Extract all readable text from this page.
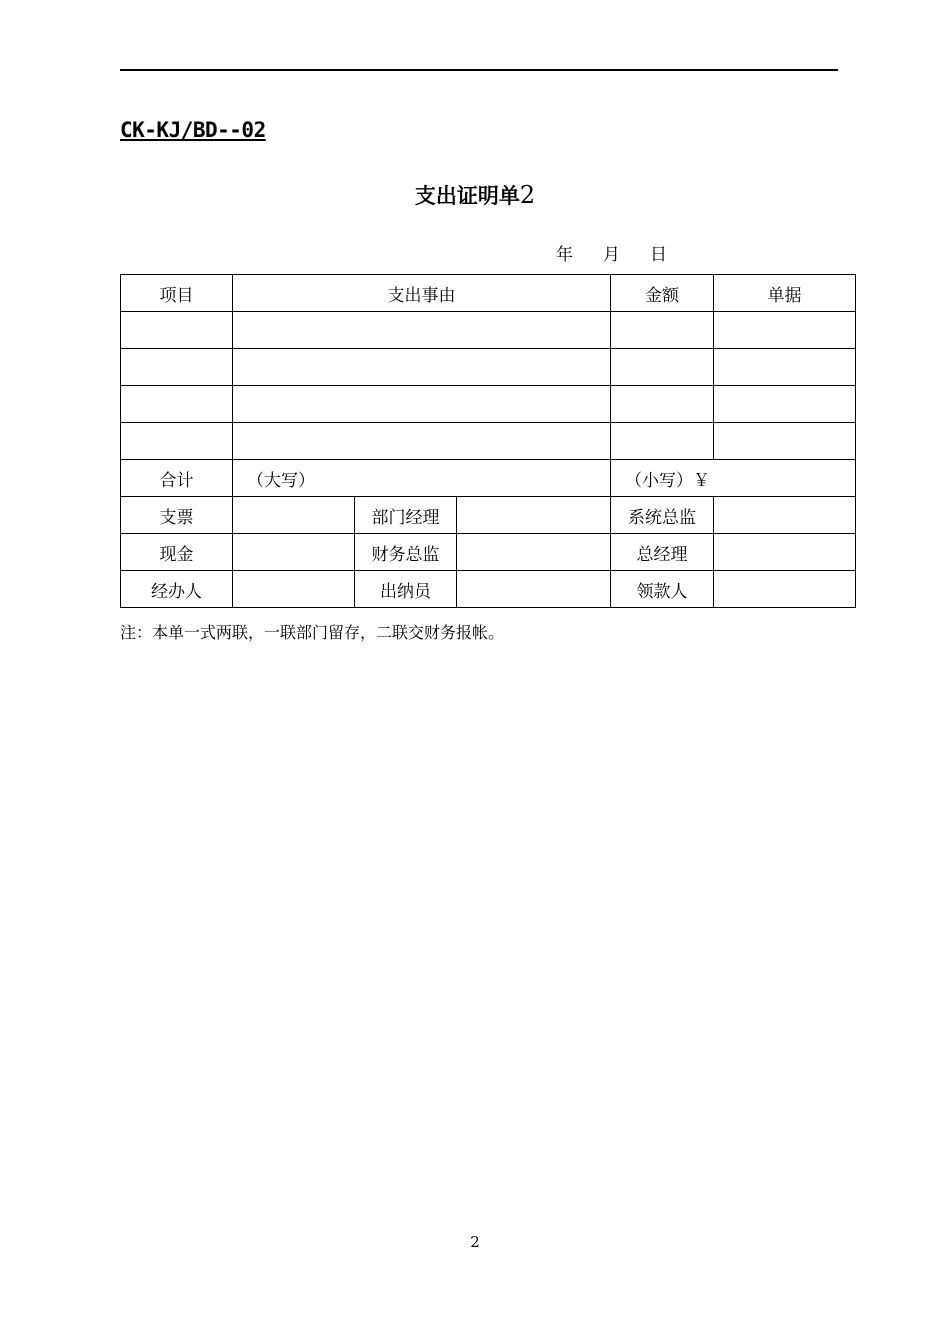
CK-KJ/BD--02
支出证明单2
年 月 日
项目	支出事由			金额	单据

合计	（大写）			（小写）￥	
支票		部门经理		系统总监	
现金		财务总监		总经理	
经办人		出纳员		领款人	
注：本单一式两联，一联部门留存，二联交财务报帐。
2
